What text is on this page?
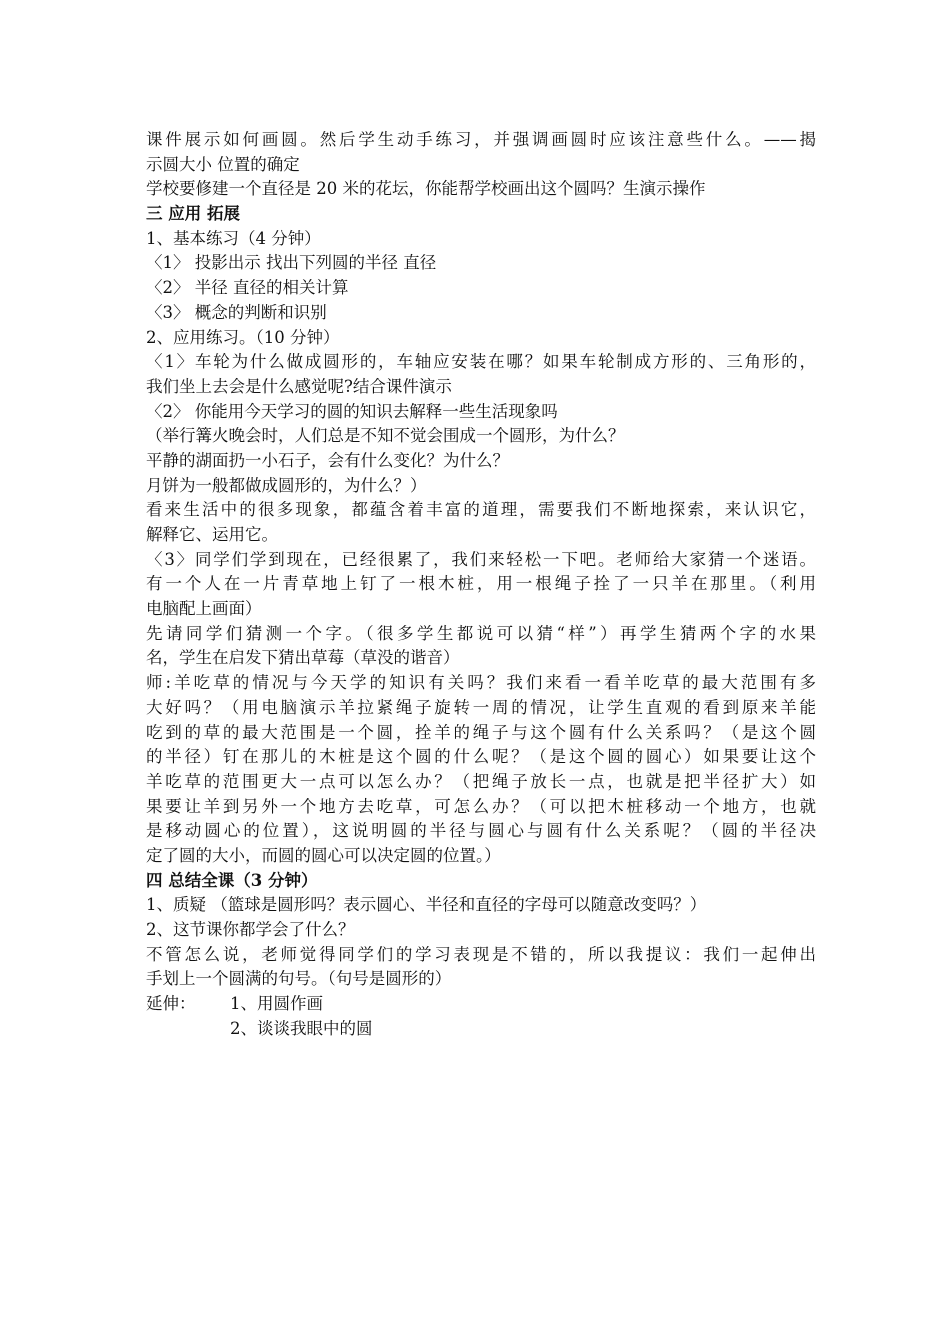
课件展示如何画圆。然后学生动手练习，并强调画圆时应该注意些什么。——揭
示圆大小 位置的确定
学校要修建一个直径是 20 米的花坛，你能帮学校画出这个圆吗？生演示操作
三 应用 拓展
1、基本练习（4 分钟）
〈1〉 投影出示 找出下列圆的半径 直径
〈2〉 半径 直径的相关计算
〈3〉 概念的判断和识别
2、应用练习。（10 分钟）
〈1〉车轮为什么做成圆形的，车轴应安装在哪？如果车轮制成方形的、三角形的，
我们坐上去会是什么感觉呢?结合课件演示
〈2〉 你能用今天学习的圆的知识去解释一些生活现象吗
（举行篝火晚会时，人们总是不知不觉会围成一个圆形，为什么？
平静的湖面扔一小石子，会有什么变化？为什么？
月饼为一般都做成圆形的，为什么？）
看来生活中的很多现象，都蕴含着丰富的道理，需要我们不断地探索，来认识它，
解释它、运用它。
〈3〉同学们学到现在，已经很累了，我们来轻松一下吧。老师给大家猜一个迷语。
有一个人在一片青草地上钉了一根木桩，用一根绳子拴了一只羊在那里。（利用
电脑配上画面）
先请同学们猜测一个字。（很多学生都说可以猜“样”）再学生猜两个字的水果
名，学生在启发下猜出草莓（草没的谐音）
师:羊吃草的情况与今天学的知识有关吗？我们来看一看羊吃草的最大范围有多
大好吗？（用电脑演示羊拉紧绳子旋转一周的情况，让学生直观的看到原来羊能
吃到的草的最大范围是一个圆，拴羊的绳子与这个圆有什么关系吗？（是这个圆
的半径）钉在那儿的木桩是这个圆的什么呢？（是这个圆的圆心）如果要让这个
羊吃草的范围更大一点可以怎么办？（把绳子放长一点，也就是把半径扩大）如
果要让羊到另外一个地方去吃草，可怎么办？（可以把木桩移动一个地方，也就
是移动圆心的位置），这说明圆的半径与圆心与圆有什么关系呢？（圆的半径决
定了圆的大小，而圆的圆心可以决定圆的位置。）
四 总结全课（3 分钟）
1、质疑 （篮球是圆形吗？表示圆心、半径和直径的字母可以随意改变吗？）
2、这节课你都学会了什么？
不管怎么说，老师觉得同学们的学习表现是不错的，所以我提议：我们一起伸出
手划上一个圆满的句号。（句号是圆形的）
延伸：	1、用圆作画
2、谈谈我眼中的圆
